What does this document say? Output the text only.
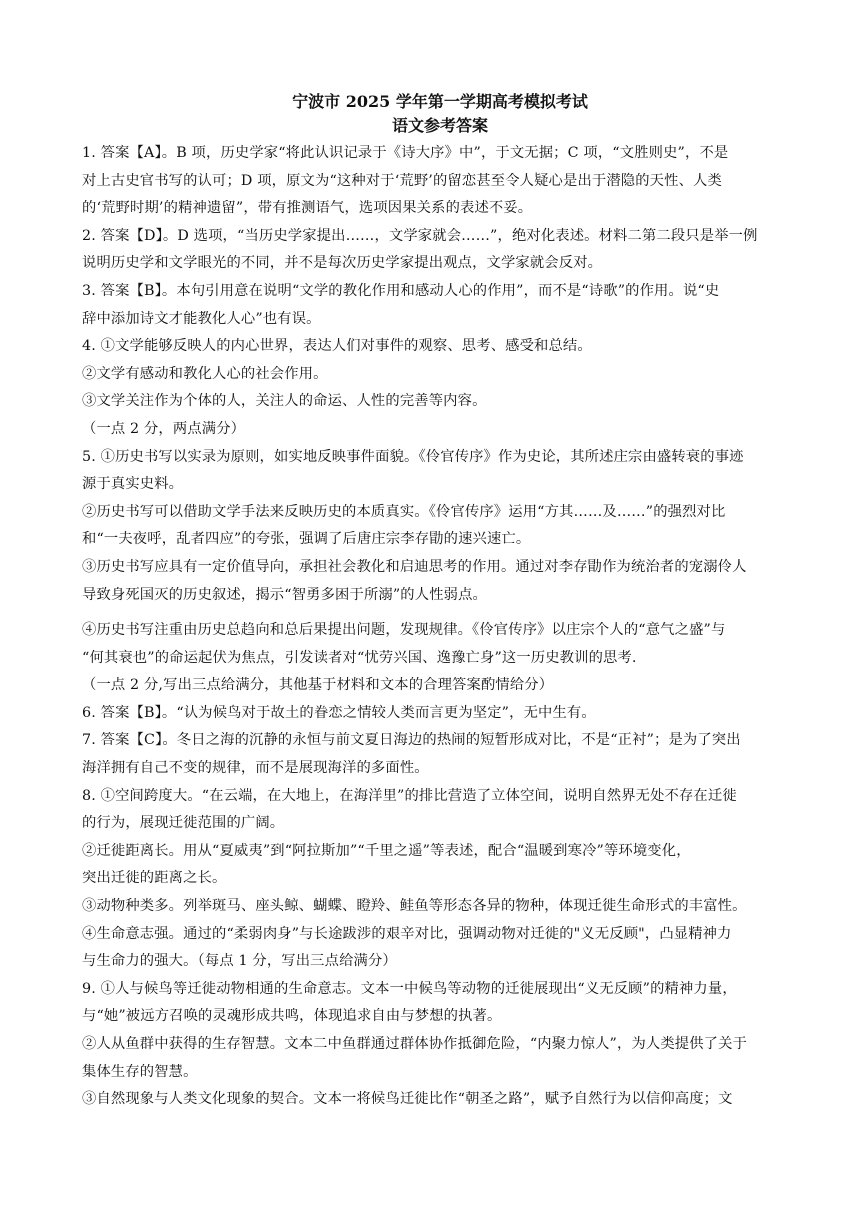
宁波市 2025 学年第一学期高考模拟考试
语文参考答案

1. 答案【A】。B 项，历史学家“将此认识记录于《诗大序》中”，于文无据；C 项，“文胜则史”，不是

对上古史官书写的认可；D 项，原文为“这种对于‘荒野’的留恋甚至令人疑心是出于潜隐的天性、人类

的‘荒野时期’的精神遗留”，带有推测语气，选项因果关系的表述不妥。

2. 答案【D】。D 选项，“当历史学家提出……，文学家就会……”，绝对化表述。材料二第二段只是举一例

说明历史学和文学眼光的不同，并不是每次历史学家提出观点，文学家就会反对。

3. 答案【B】。本句引用意在说明“文学的教化作用和感动人心的作用”，而不是“诗歌”的作用。说“史

辞中添加诗文才能教化人心”也有误。

4. ①文学能够反映人的内心世界，表达人们对事件的观察、思考、感受和总结。

②文学有感动和教化人心的社会作用。

③文学关注作为个体的人，关注人的命运、人性的完善等内容。

（一点 2 分，两点满分）

5. ①历史书写以实录为原则，如实地反映事件面貌。《伶官传序》作为史论，其所述庄宗由盛转衰的事迹

源于真实史料。

②历史书写可以借助文学手法来反映历史的本质真实。《伶官传序》运用“方其……及……”的强烈对比

和“一夫夜呼，乱者四应”的夸张，强调了后唐庄宗李存勖的速兴速亡。

③历史书写应具有一定价值导向，承担社会教化和启迪思考的作用。通过对李存勖作为统治者的宠溺伶人

导致身死国灭的历史叙述，揭示“智勇多困于所溺”的人性弱点。

④历史书写注重由历史总趋向和总后果提出问题，发现规律。《伶官传序》以庄宗个人的“意气之盛”与

“何其衰也”的命运起伏为焦点，引发读者对“忧劳兴国、逸豫亡身”这一历史教训的思考.

（一点 2 分,写出三点给满分，其他基于材料和文本的合理答案酌情给分）

6. 答案【B】。“认为候鸟对于故土的眷恋之情较人类而言更为坚定”，无中生有。

7. 答案【C】。冬日之海的沉静的永恒与前文夏日海边的热闹的短暂形成对比，不是“正衬”；是为了突出

海洋拥有自己不变的规律，而不是展现海洋的多面性。

8. ①空间跨度大。“在云端，在大地上，在海洋里”的排比营造了立体空间，说明自然界无处不存在迁徙

的行为，展现迁徙范围的广阔。

②迁徙距离长。用从“夏威夷”到“阿拉斯加”“千里之遥”等表述，配合“温暖到寒冷”等环境变化，

突出迁徙的距离之长。

③动物种类多。列举斑马、座头鲸、蝴蝶、瞪羚、鲑鱼等形态各异的物种，体现迁徙生命形式的丰富性。

④生命意志强。通过的“柔弱肉身”与长途跋涉的艰辛对比，强调动物对迁徙的"义无反顾"，凸显精神力

与生命力的强大。（每点 1 分，写出三点给满分）

9. ①人与候鸟等迁徙动物相通的生命意志。文本一中候鸟等动物的迁徙展现出“义无反顾”的精神力量，

与“她”被远方召唤的灵魂形成共鸣，体现追求自由与梦想的执著。

②人从鱼群中获得的生存智慧。文本二中鱼群通过群体协作抵御危险，“内聚力惊人”，为人类提供了关于

集体生存的智慧。

③自然现象与人类文化现象的契合。文本一将候鸟迁徙比作“朝圣之路”，赋予自然行为以信仰高度；文
